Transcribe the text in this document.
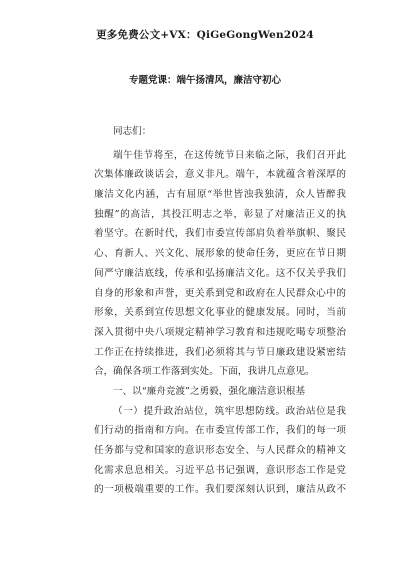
更多免费公文+VX：QiGeGongWen2024
专题党课：端午扬清风，廉洁守初心
同志们：
端午佳节将至，在这传统节日来临之际，我们召开此
次集体廉政谈话会，意义非凡。端午，本就蕴含着深厚的
廉洁文化内涵，古有屈原“举世皆浊我独清，众人皆醉我
独醒”的高洁，其投江明志之举，彰显了对廉洁正义的执
着坚守。在新时代，我们市委宣传部肩负着举旗帜、聚民
心、育新人、兴文化、展形象的使命任务，更应在节日期
间严守廉洁底线，传承和弘扬廉洁文化。这不仅关乎我们
自身的形象和声誉，更关系到党和政府在人民群众心中的
形象，关系到宣传思想文化事业的健康发展。同时，当前
深入贯彻中央八项规定精神学习教育和违规吃喝专项整治
工作正在持续推进，我们必须将其与节日廉政建设紧密结
合，确保各项工作落到实处。下面，我讲几点意见。
一、以“廉舟竞渡”之勇毅，强化廉洁意识根基
（一）提升政治站位，筑牢思想防线。政治站位是我
们行动的指南和方向。在市委宣传部工作，我们的每一项
任务都与党和国家的意识形态安全、与人民群众的精神文
化需求息息相关。习近平总书记强调，意识形态工作是党
的一项极端重要的工作。我们要深刻认识到，廉洁从政不
